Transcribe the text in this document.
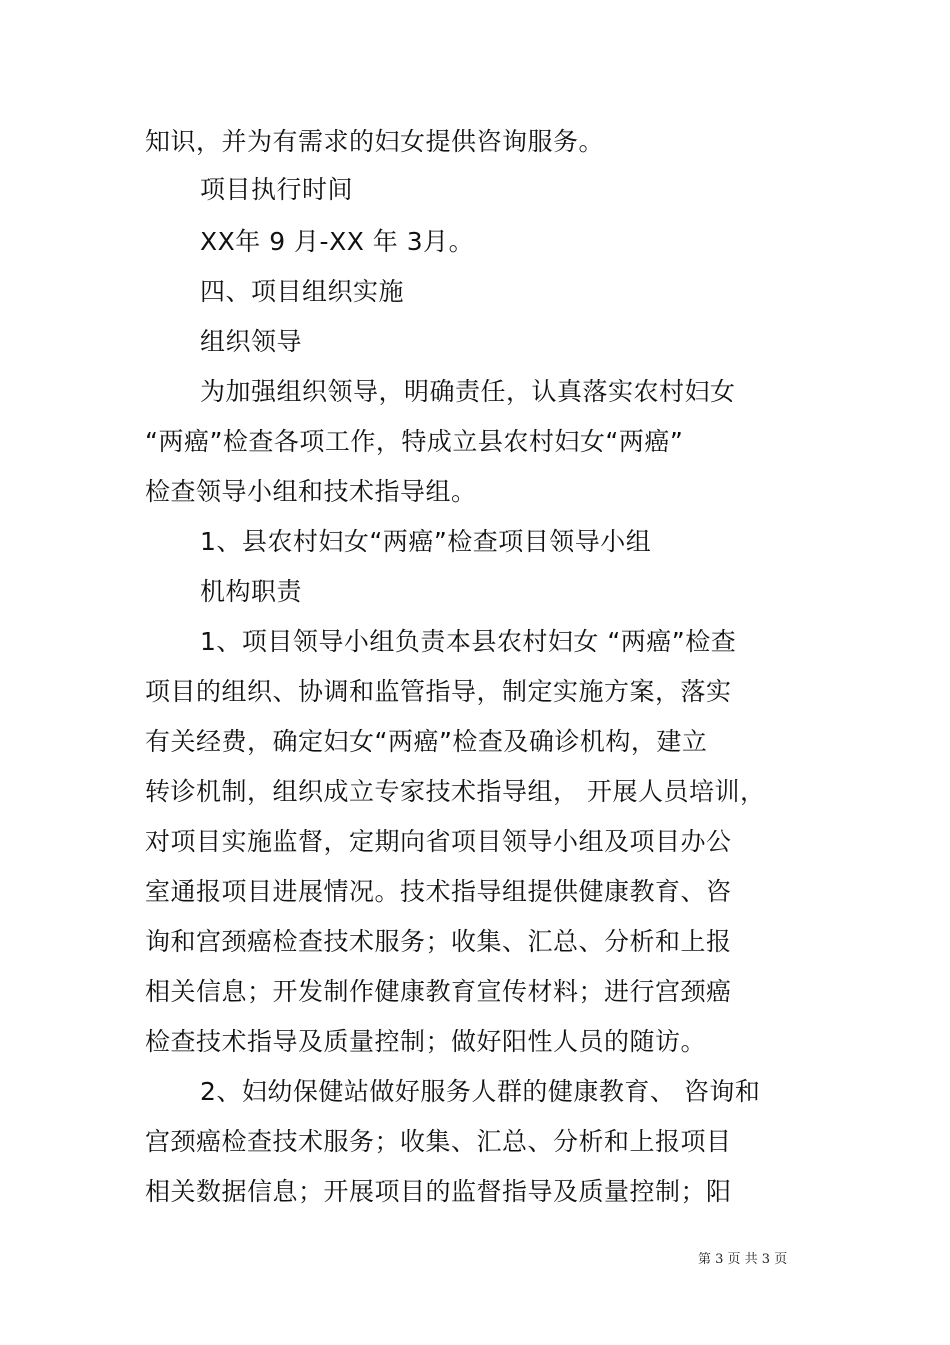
知识，并为有需求的妇女提供咨询服务。
项目执行时间
XX年 9 月-XX 年 3月。
四、项目组织实施
组织领导
为加强组织领导，明确责任，认真落实农村妇女
“两癌”检查各项工作，特成立县农村妇女“两癌”
检查领导小组和技术指导组。
1、县农村妇女“两癌”检查项目领导小组
机构职责
1、项目领导小组负责本县农村妇女 “两癌”检查
项目的组织、协调和监管指导，制定实施方案，落实
有关经费，确定妇女“两癌”检查及确诊机构，建立
转诊机制，组织成立专家技术指导组， 开展人员培训，
对项目实施监督，定期向省项目领导小组及项目办公
室通报项目进展情况。技术指导组提供健康教育、咨
询和宫颈癌检查技术服务；收集、汇总、分析和上报
相关信息；开发制作健康教育宣传材料；进行宫颈癌
检查技术指导及质量控制；做好阳性人员的随访。
2、妇幼保健站做好服务人群的健康教育、 咨询和
宫颈癌检查技术服务；收集、汇总、分析和上报项目
相关数据信息；开展项目的监督指导及质量控制；阳
第 3 页 共 3 页
